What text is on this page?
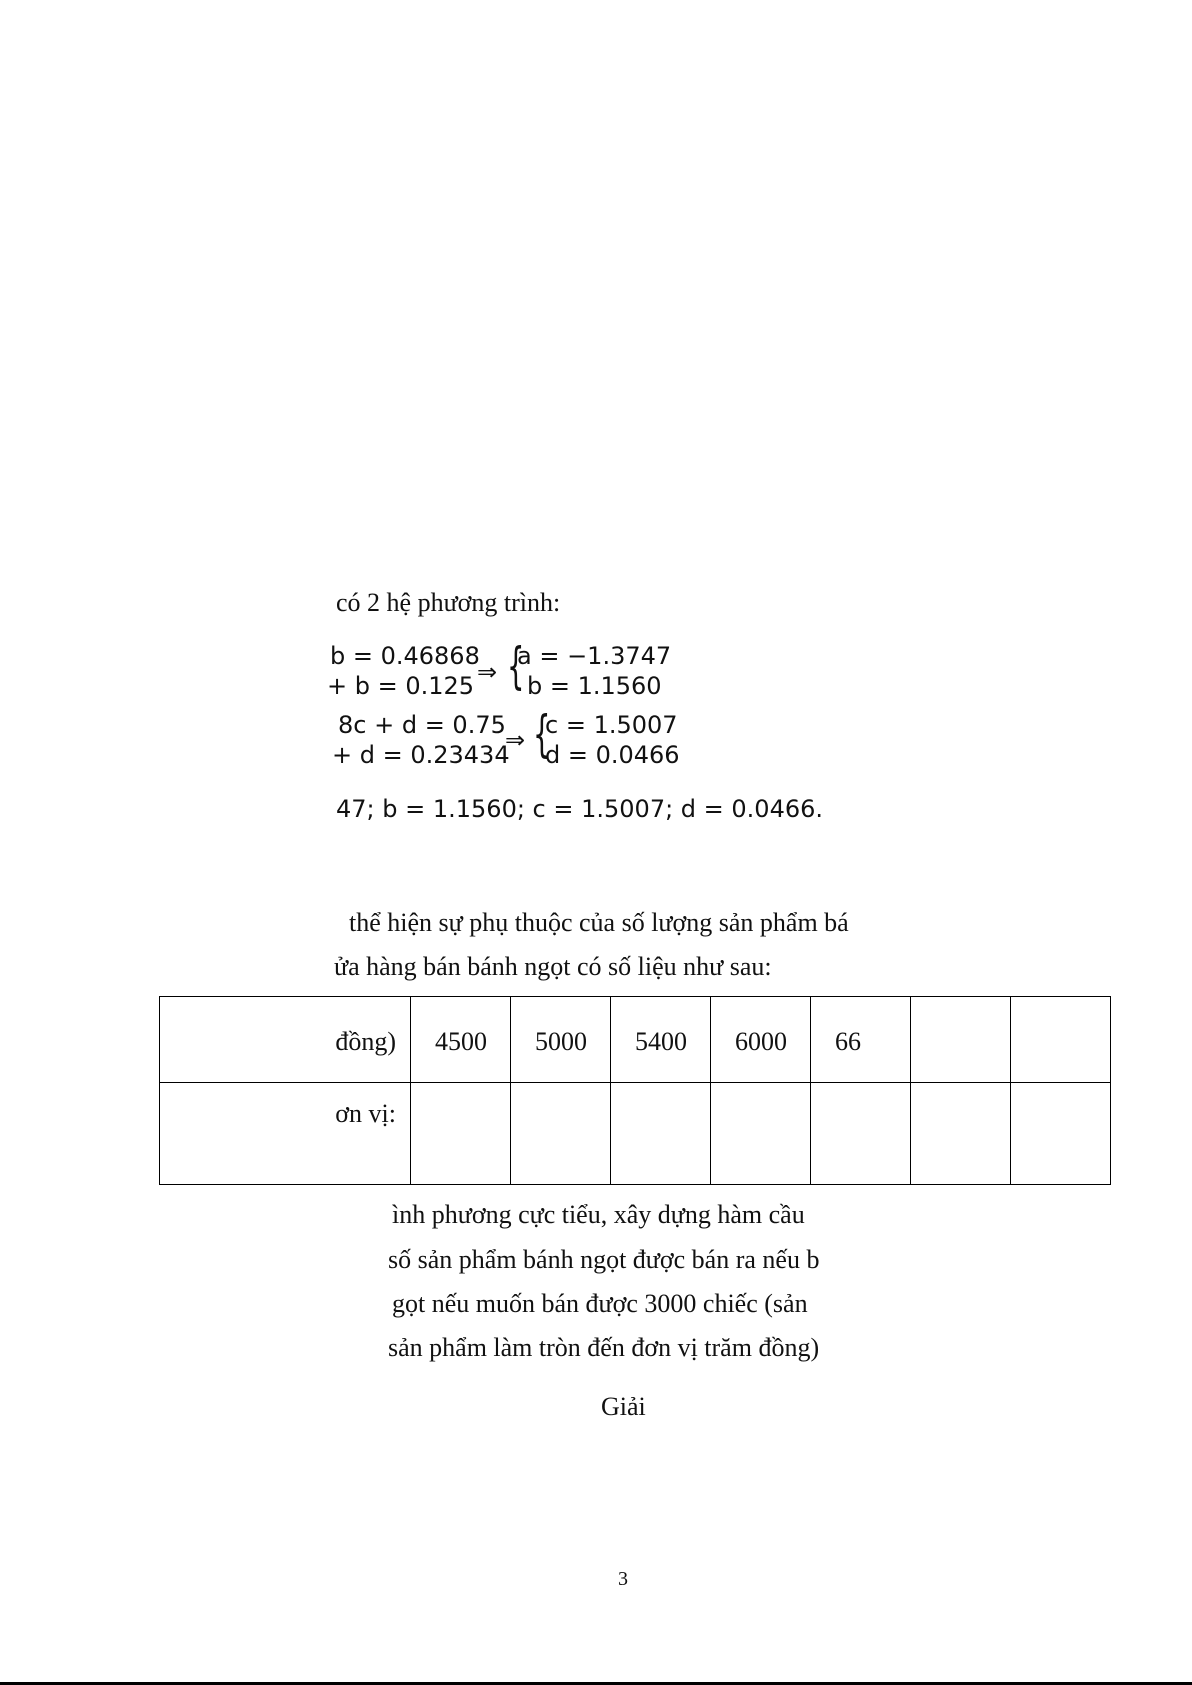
có 2 hệ phương trình:
b = 0.46868
+ b = 0.125 ⇒ {
a = −1.3747
b = 1.1560
8c + d = 0.75
+ d = 0.23434
⇒ {
c = 1.5007
d = 0.0466
47; b = 1.1560; c = 1.5007; d = 0.0466.
thể hiện sự phụ thuộc của số lượng sản phẩm bá
ửa hàng bán bánh ngọt có số liệu như sau:
đồng)	4500	5000	5400	6000	66		

ơn vị:							

ình phương cực tiểu, xây dựng hàm cầu
số sản phẩm bánh ngọt được bán ra nếu b
gọt nếu muốn bán được 3000 chiếc (sản
sản phẩm làm tròn đến đơn vị trăm đồng)
Giải
3
